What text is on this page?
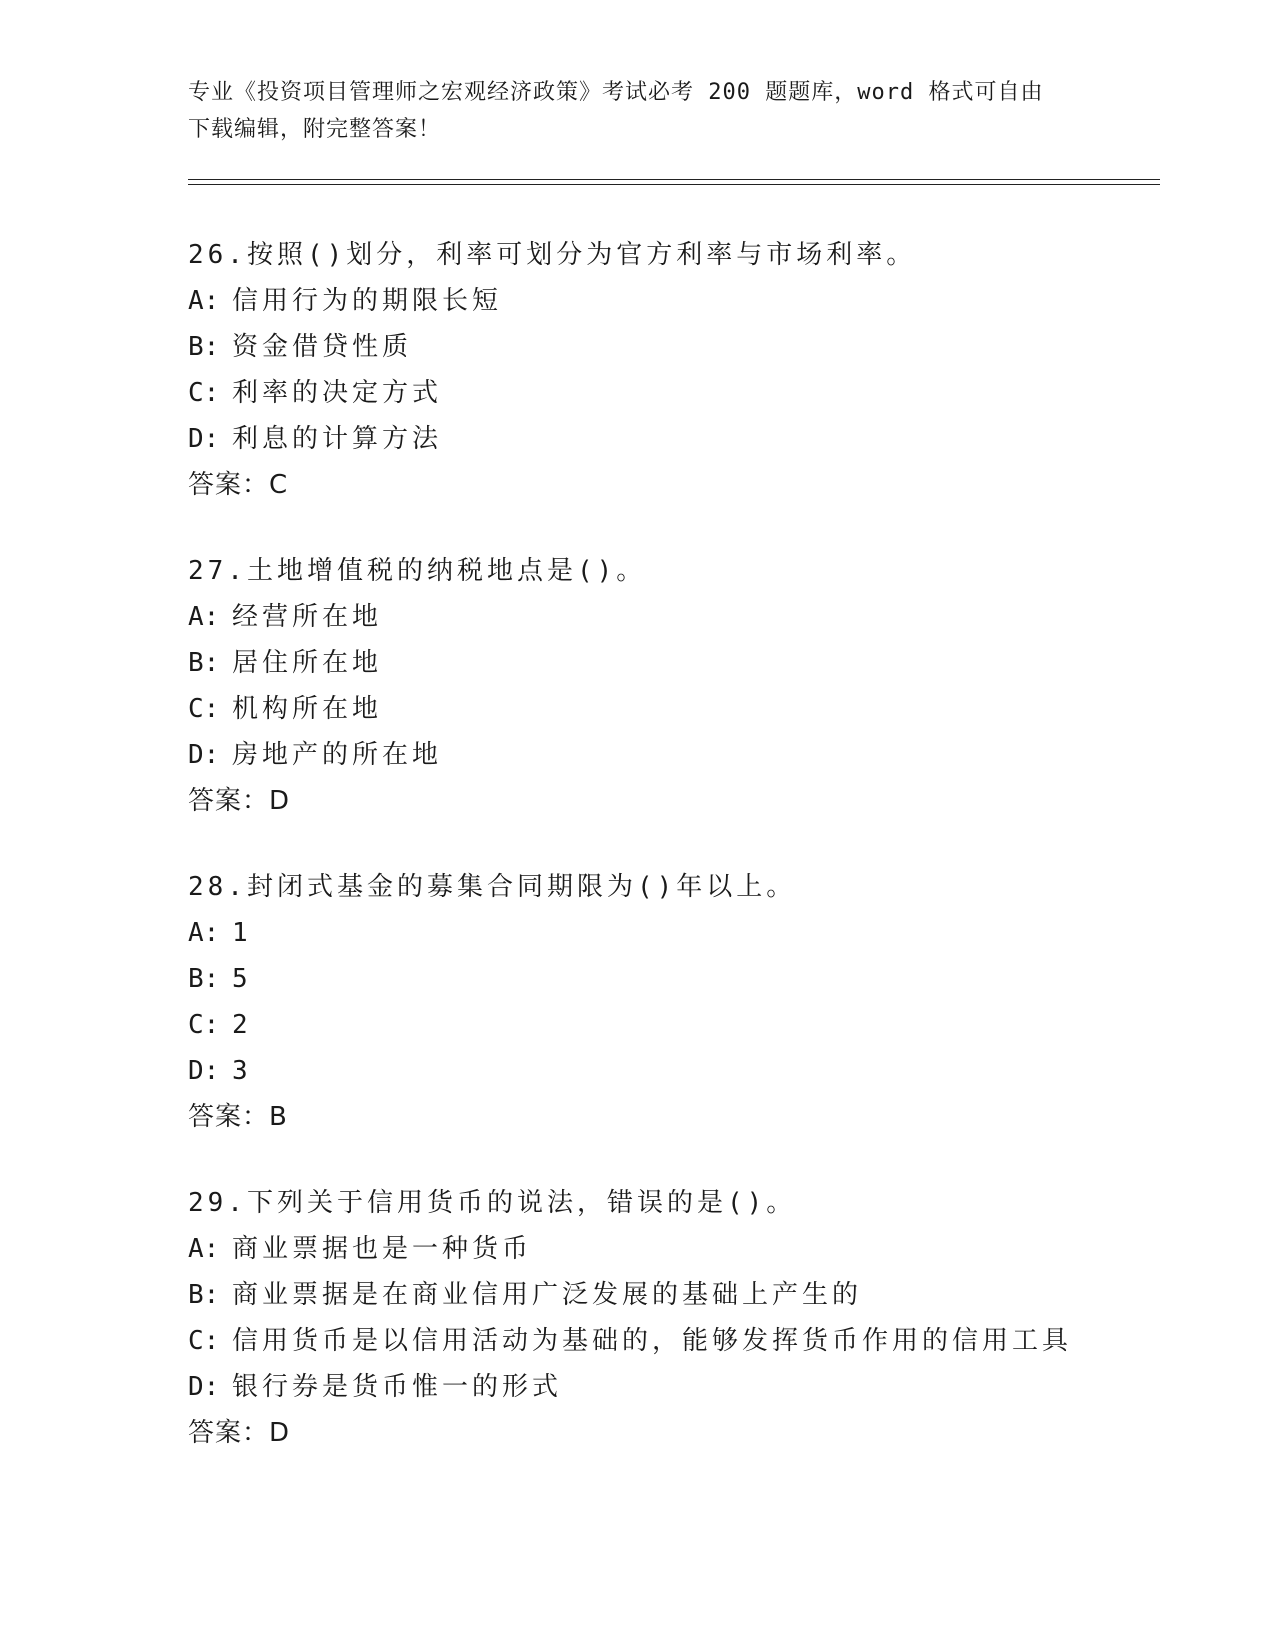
专业《投资项目管理师之宏观经济政策》考试必考 200 题题库，word 格式可自由
下载编辑，附完整答案！
26.按照()划分，利率可划分为官方利率与市场利率。
A: 信用行为的期限长短
B: 资金借贷性质
C: 利率的决定方式
D: 利息的计算方法
答案：C
27.土地增值税的纳税地点是()。
A: 经营所在地
B: 居住所在地
C: 机构所在地
D: 房地产的所在地
答案：D
28.封闭式基金的募集合同期限为()年以上。
A: 1
B: 5
C: 2
D: 3
答案：B
29.下列关于信用货币的说法，错误的是()。
A: 商业票据也是一种货币
B: 商业票据是在商业信用广泛发展的基础上产生的
C: 信用货币是以信用活动为基础的，能够发挥货币作用的信用工具
D: 银行券是货币惟一的形式
答案：D
